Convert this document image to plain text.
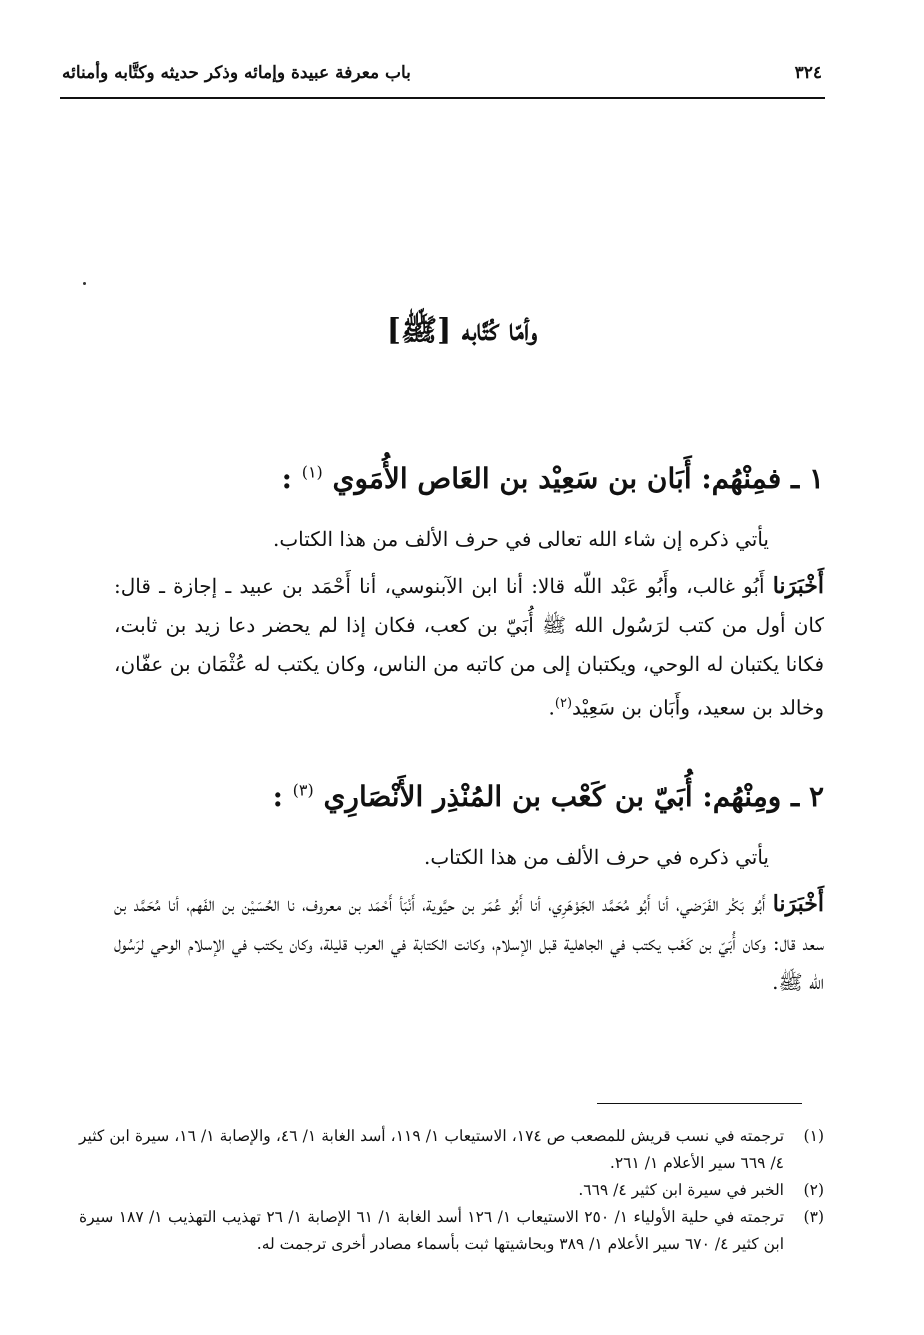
٣٢٤
باب معرفة عبيدة وإمائه وذكر حديثه وكتَّابه وأمنائه
وأمّا كُتَّابه [ﷺ]
١ ـ فمِنْهُم: أَبَان بن سَعِيْد بن العَاص الأُمَوي $^{(١)}$ :
يأتي ذكره إن شاء الله تعالى في حرف الألف من هذا الكتاب.
أَخْبَرَنا أَبُو غالب، وأَبُو عَبْد اللّه قالا: أنا ابن الآبنوسي، أنا أَحْمَد بن عبيد ـ إجازة ـ قال: كان أول من كتب لرَسُول الله ﷺ أُبَيّ بن كعب، فكان إذا لم يحضر دعا زيد بن ثابت، فكانا يكتبان له الوحي، ويكتبان إلى من كاتبه من الناس، وكان يكتب له عُثْمَان بن عفّان، وخالد بن سعيد، وأَبَان بن سَعِيْد$^{(٢)}$.
٢ ـ ومِنْهُم: أُبَيّ بن كَعْب بن المُنْذِر الأَنْصَارِي $^{(٣)}$ :
يأتي ذكره في حرف الألف من هذا الكتاب.
أَخْبَرَنا أَبُو بَكْر الفَرَضي، أنا أَبُو مُحَمَّد الجَوْهَرِي، أنا أَبُو عُمَر بن حيَّوية، أَنْبَأ أَحْمَد بن معروف، نا الحُسَيْن بن الفَهم، أنا مُحَمَّد بن سعد قال: وكان أُبَيّ بن كَعْب يكتب في الجاهلية قبل الإسلام، وكانت الكتابة في العرب قليلة، وكان يكتب في الإسلام الوحي لرَسُول الله ﷺ.
(١)
ترجمته في نسب قريش للمصعب ص ١٧٤، الاستيعاب ١/ ١١٩، أسد الغابة ١/ ٤٦، والإصابة ١/ ١٦، سيرة ابن كثير ٤/ ٦٦٩ سير الأعلام ١/ ٢٦١.
(٢)
الخبر في سيرة ابن كثير ٤/ ٦٦٩.
(٣)
ترجمته في حلية الأولياء ١/ ٢٥٠ الاستيعاب ١/ ١٢٦ أسد الغابة ١/ ٦١ الإصابة ١/ ٢٦ تهذيب التهذيب ١/ ١٨٧ سيرة ابن كثير ٤/ ٦٧٠ سير الأعلام ١/ ٣٨٩ وبحاشيتها ثبت بأسماء مصادر أخرى ترجمت له.
